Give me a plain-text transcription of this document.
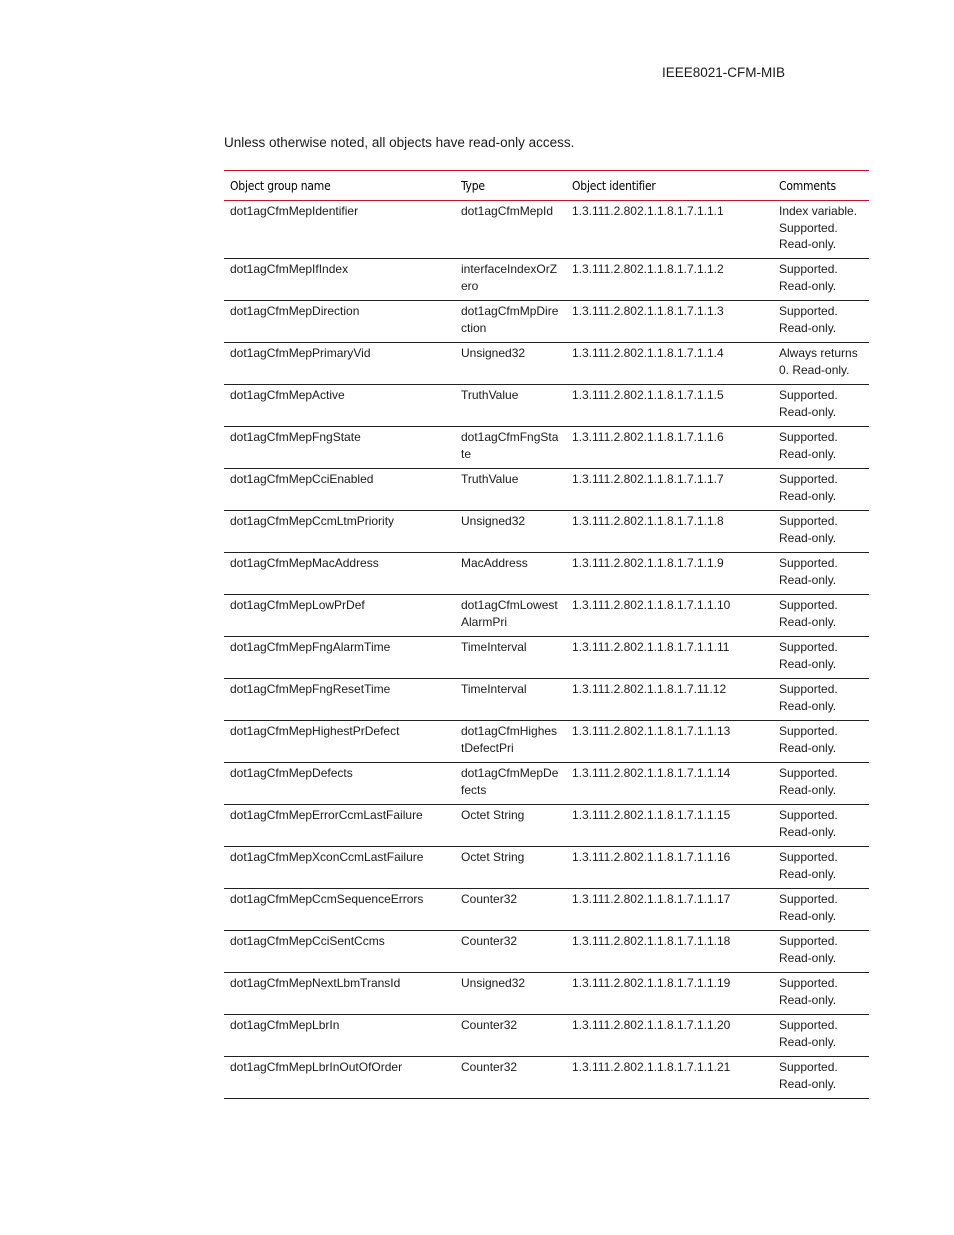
IEEE8021-CFM-MIB
Unless otherwise noted, all objects have read-only access.
Object group name	Type	Object identifier	Comments
dot1agCfmMepIdentifier	dot1agCfmMepId	1.3.111.2.802.1.1.8.1.7.1.1.1	Index variable. Supported. Read-only.
dot1agCfmMepIfIndex	interfaceIndexOrZero	1.3.111.2.802.1.1.8.1.7.1.1.2	Supported. Read-only.
dot1agCfmMepDirection	dot1agCfmMpDirection	1.3.111.2.802.1.1.8.1.7.1.1.3	Supported. Read-only.
dot1agCfmMepPrimaryVid	Unsigned32	1.3.111.2.802.1.1.8.1.7.1.1.4	Always returns 0. Read-only.
dot1agCfmMepActive	TruthValue	1.3.111.2.802.1.1.8.1.7.1.1.5	Supported. Read-only.
dot1agCfmMepFngState	dot1agCfmFngState	1.3.111.2.802.1.1.8.1.7.1.1.6	Supported. Read-only.
dot1agCfmMepCciEnabled	TruthValue	1.3.111.2.802.1.1.8.1.7.1.1.7	Supported. Read-only.
dot1agCfmMepCcmLtmPriority	Unsigned32	1.3.111.2.802.1.1.8.1.7.1.1.8	Supported. Read-only.
dot1agCfmMepMacAddress	MacAddress	1.3.111.2.802.1.1.8.1.7.1.1.9	Supported. Read-only.
dot1agCfmMepLowPrDef	dot1agCfmLowestAlarmPri	1.3.111.2.802.1.1.8.1.7.1.1.10	Supported. Read-only.
dot1agCfmMepFngAlarmTime	TimeInterval	1.3.111.2.802.1.1.8.1.7.1.1.11	Supported. Read-only.
dot1agCfmMepFngResetTime	TimeInterval	1.3.111.2.802.1.1.8.1.7.11.12	Supported. Read-only.
dot1agCfmMepHighestPrDefect	dot1agCfmHighestDefectPri	1.3.111.2.802.1.1.8.1.7.1.1.13	Supported. Read-only.
dot1agCfmMepDefects	dot1agCfmMepDefects	1.3.111.2.802.1.1.8.1.7.1.1.14	Supported. Read-only.
dot1agCfmMepErrorCcmLastFailure	Octet String	1.3.111.2.802.1.1.8.1.7.1.1.15	Supported. Read-only.
dot1agCfmMepXconCcmLastFailure	Octet String	1.3.111.2.802.1.1.8.1.7.1.1.16	Supported. Read-only.
dot1agCfmMepCcmSequenceErrors	Counter32	1.3.111.2.802.1.1.8.1.7.1.1.17	Supported. Read-only.
dot1agCfmMepCciSentCcms	Counter32	1.3.111.2.802.1.1.8.1.7.1.1.18	Supported. Read-only.
dot1agCfmMepNextLbmTransId	Unsigned32	1.3.111.2.802.1.1.8.1.7.1.1.19	Supported. Read-only.
dot1agCfmMepLbrIn	Counter32	1.3.111.2.802.1.1.8.1.7.1.1.20	Supported. Read-only.
dot1agCfmMepLbrInOutOfOrder	Counter32	1.3.111.2.802.1.1.8.1.7.1.1.21	Supported. Read-only.
